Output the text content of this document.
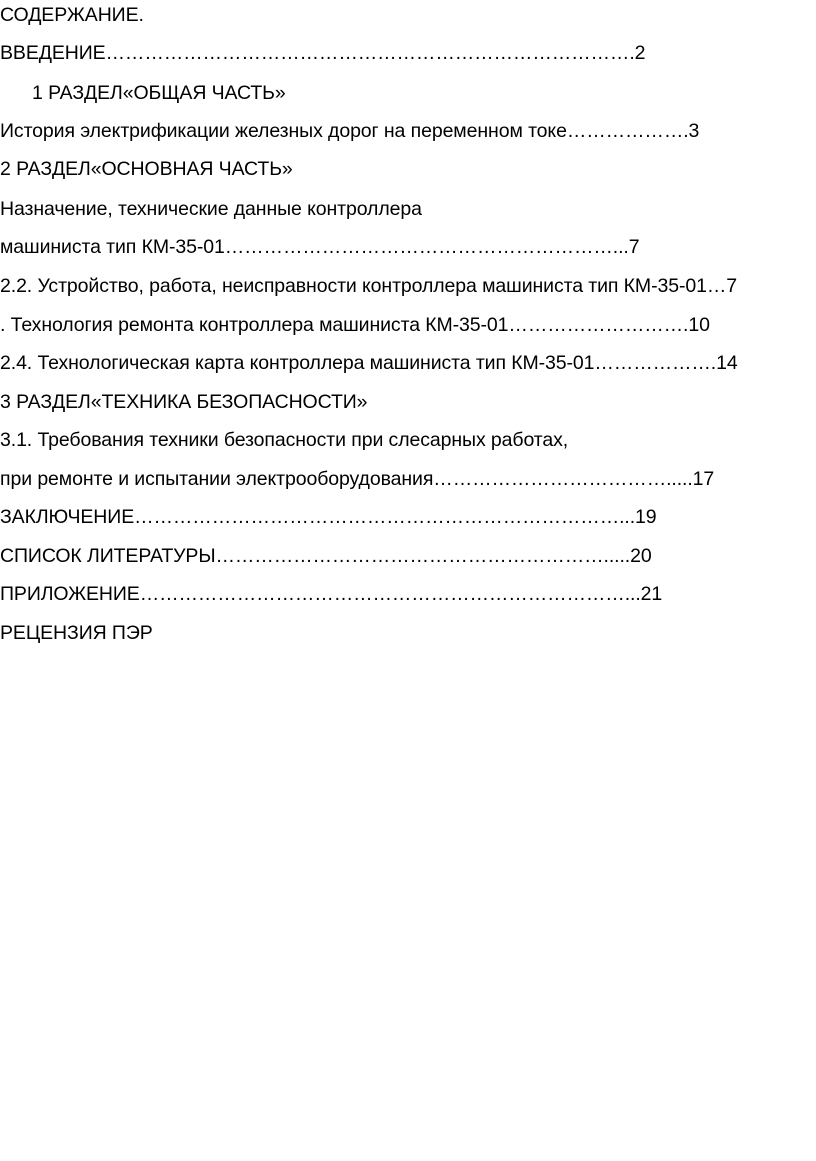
СОДЕРЖАНИЕ.
ВВЕДЕНИЕ……………………………………………………………………….2
1 РАЗДЕЛ«ОБЩАЯ ЧАСТЬ»
История электрификации железных дорог на переменном токе……………….3
2 РАЗДЕЛ«ОСНОВНАЯ ЧАСТЬ»
Назначение, технические данные контроллера
машиниста тип КМ-35-01……………………………………………………...7
2.2. Устройство, работа, неисправности контроллера машиниста тип КМ-35-01…7
. Технология ремонта контроллера машиниста КМ-35-01……………………….10
2.4. Технологическая карта контроллера машиниста тип КМ-35-01……………….14
3 РАЗДЕЛ«ТЕХНИКА БЕЗОПАСНОСТИ»
3.1. Требования техники безопасности при слесарных работах,
при ремонте и испытании электрооборудования……………………………….....17
ЗАКЛЮЧЕНИЕ…………………………………………………………………...19
СПИСОК ЛИТЕРАТУРЫ…………………………………………………….....20
ПРИЛОЖЕНИЕ…………………………………………………………………...21
РЕЦЕНЗИЯ ПЭР
